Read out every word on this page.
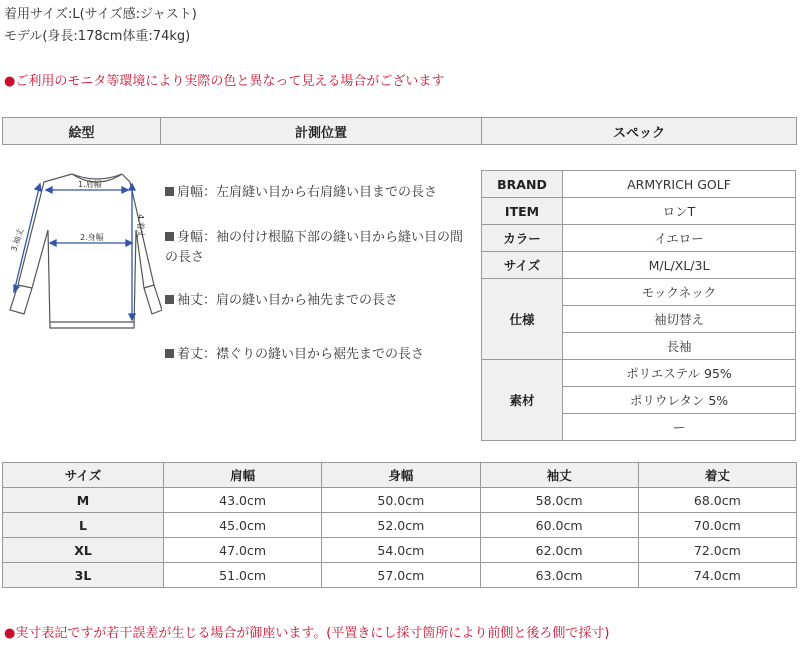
着用サイズ:L(サイズ感:ジャスト)
モデル(身長:178cm体重:74kg)
●ご利用のモニタ等環境により実際の色と異なって見える場合がございます
絵型	計測位置	スペック
1.肩幅
2.身幅	4.着丈
3.袖丈
肩幅：左肩縫い目から右肩縫い目までの長さ
身幅：袖の付け根脇下部の縫い目から縫い目の間の長さ
袖丈：肩の縫い目から袖先までの長さ
着丈：襟ぐりの縫い目から裾先までの長さ
BRAND	ARMYRICH GOLF
ITEM	ロンT
カラー	イエロー
サイズ	M/L/XL/3L
仕様	モックネック
	袖切替え
	長袖
素材	ポリエステル 95%
	ポリウレタン 5%
	ー
サイズ	肩幅	身幅	袖丈	着丈
M	43.0cm	50.0cm	58.0cm	68.0cm
L	45.0cm	52.0cm	60.0cm	70.0cm
XL	47.0cm	54.0cm	62.0cm	72.0cm
3L	51.0cm	57.0cm	63.0cm	74.0cm
●実寸表記ですが若干誤差が生じる場合が御座います。(平置きにし採寸箇所により前側と後ろ側で採寸)
